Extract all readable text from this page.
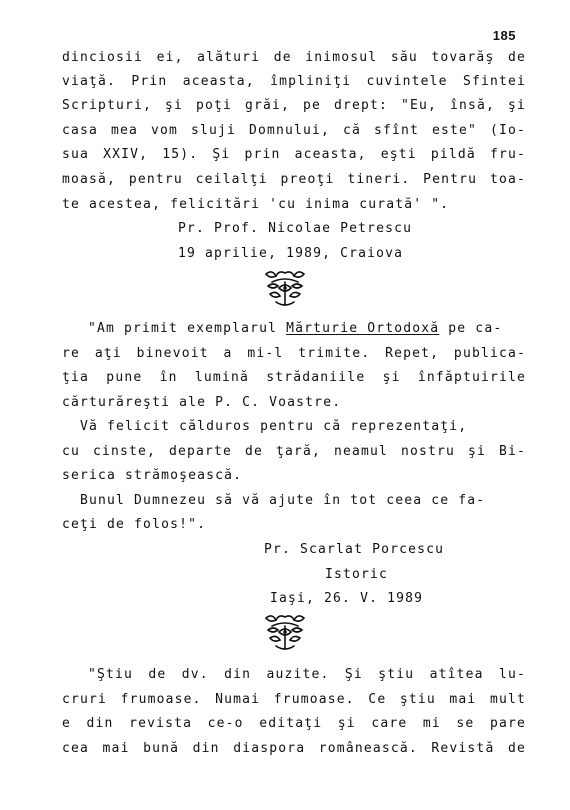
185
dinciosii ei, alături de inimosul său tovarăş de
viaţă. Prin aceasta, împliniţi cuvintele Sfintei
Scripturi, şi poţi grăi, pe drept: "Eu, însă, şi
casa mea vom sluji Domnului, că sfînt este" (Io-
sua XXIV, 15). Şi prin aceasta, eşti pildă fru-
moasă, pentru ceilalţi preoţi tineri. Pentru toa-
te acestea, felicitări 'cu inima curată' ".
Pr. Prof. Nicolae Petrescu
19 aprilie, 1989, Craiova
"Am primit exemplarul Mărturie Ortodoxă pe ca-
re aţi binevoit a mi-l trimite. Repet, publica-
ţia pune în lumină strădaniile şi înfăptuirile
cărturăreşti ale P. C. Voastre.
Vă felicit călduros pentru că reprezentaţi,
cu cinste, departe de ţară, neamul nostru şi Bi-
serica strămoşească.
Bunul Dumnezeu să vă ajute în tot ceea ce fa-
ceţi de folos!".
Pr. Scarlat Porcescu
Istoric
Iaşi, 26. V. 1989
"Ştiu de dv. din auzite. Şi ştiu atîtea lu-
cruri frumoase. Numai frumoase. Ce ştiu mai mult
e din revista ce-o editaţi şi care mi se pare
cea mai bună din diaspora românească. Revistă de
